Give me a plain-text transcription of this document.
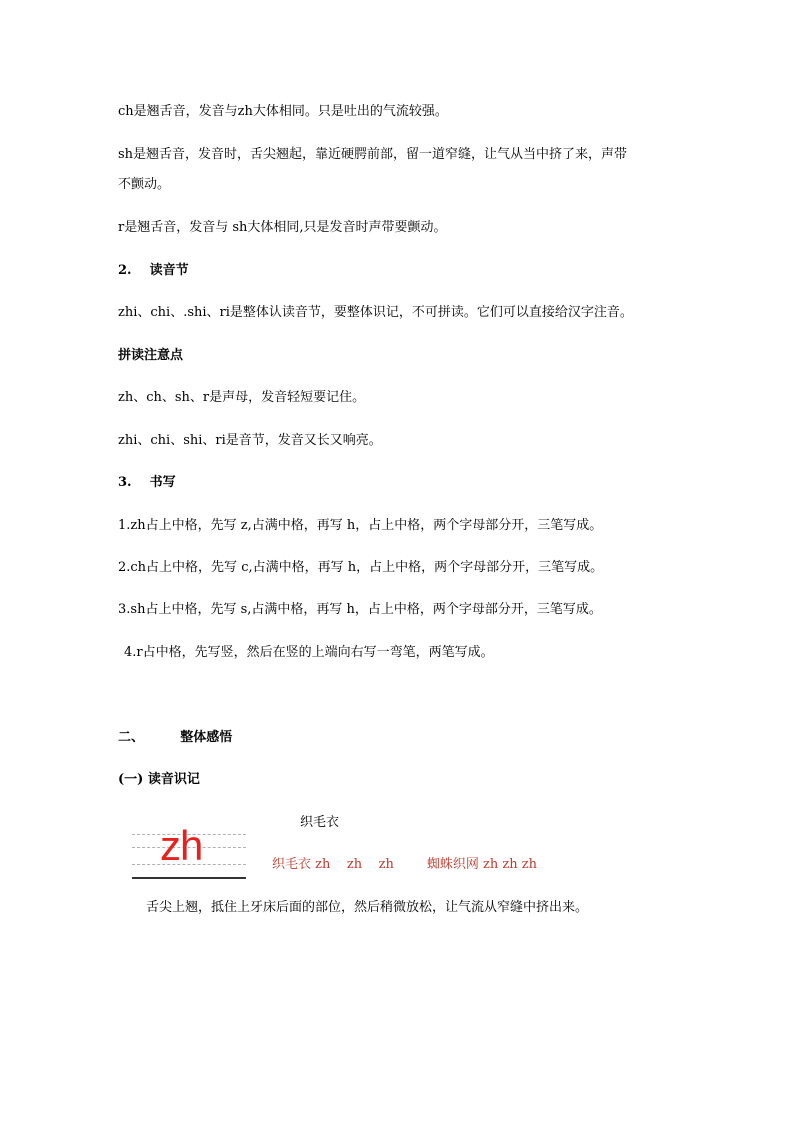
ch是翘舌音，发音与zh大体相同。只是吐出的气流较强。
sh是翘舌音，发音时，舌尖翘起，靠近硬腭前部，留一道窄缝，让气从当中挤了来，声带
不颤动。
r是翘舌音，发音与 sh大体相同,只是发音时声带要颤动。
2.    读音节
zhi、chi、.shi、ri是整体认读音节，要整体识记，不可拼读。它们可以直接给汉字注音。
拼读注意点
zh、ch、sh、r是声母，发音轻短要记住。
zhi、chi、shi、ri是音节，发音又长又响亮。
3.    书写
1.zh占上中格，先写 z,占满中格，再写 h，占上中格，两个字母部分开，三笔写成。
2.ch占上中格，先写 c,占满中格，再写 h，占上中格，两个字母部分开，三笔写成。
3.sh占上中格，先写 s,占满中格，再写 h，占上中格，两个字母部分开，三笔写成。
4.r占中格，先写竖，然后在竖的上端向右写一弯笔，两笔写成。
二、        整体感悟
(一) 读音识记
zh	织毛衣
织毛衣 zh    zh    zh        蜘蛛织网 zh zh zh
舌尖上翘，抵住上牙床后面的部位，然后稍微放松，让气流从窄缝中挤出来。
